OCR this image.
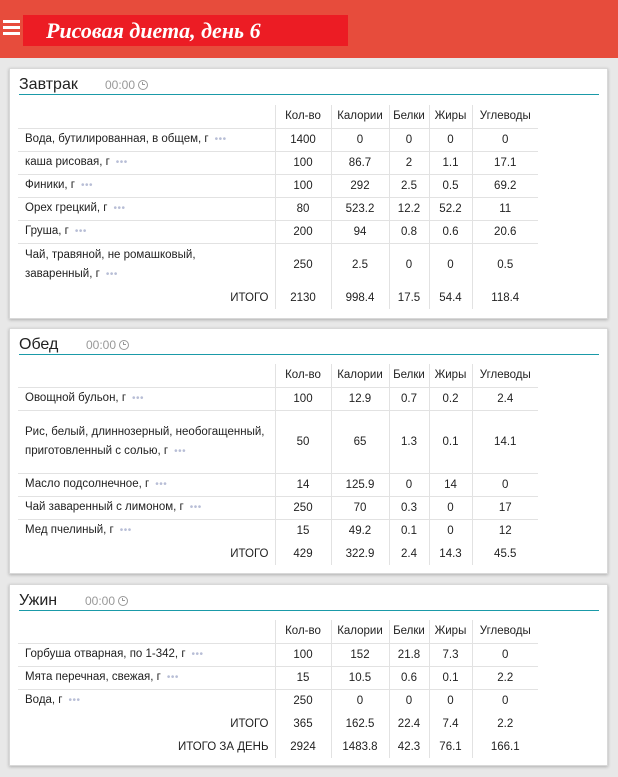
Рисовая диета, день 6
Завтрак 00:00
	Кол-во	Калории	Белки	Жиры	Углеводы
Вода, бутилированная, в общем, г •••	1400	0	0	0	0
каша рисовая, г •••	100	86.7	2	1.1	17.1
Финики, г •••	100	292	2.5	0.5	69.2
Орех грецкий, г •••	80	523.2	12.2	52.2	11
Груша, г •••	200	94	0.8	0.6	20.6
Чай, травяной, не ромашковый, заваренный, г •••	250	2.5	0	0	0.5
ИТОГО	2130	998.4	17.5	54.4	118.4
Обед 00:00
	Кол-во	Калории	Белки	Жиры	Углеводы
Овощной бульон, г •••	100	12.9	0.7	0.2	2.4
Рис, белый, длиннозерный, необогащенный, приготовленный с солью, г •••	50	65	1.3	0.1	14.1
Масло подсолнечное, г •••	14	125.9	0	14	0
Чай заваренный с лимоном, г •••	250	70	0.3	0	17
Мед пчелиный, г •••	15	49.2	0.1	0	12
ИТОГО	429	322.9	2.4	14.3	45.5
Ужин 00:00
	Кол-во	Калории	Белки	Жиры	Углеводы
Горбуша отварная, по 1-342, г •••	100	152	21.8	7.3	0
Мята перечная, свежая, г •••	15	10.5	0.6	0.1	2.2
Вода, г •••	250	0	0	0	0
ИТОГО	365	162.5	22.4	7.4	2.2
ИТОГО ЗА ДЕНЬ	2924	1483.8	42.3	76.1	166.1
